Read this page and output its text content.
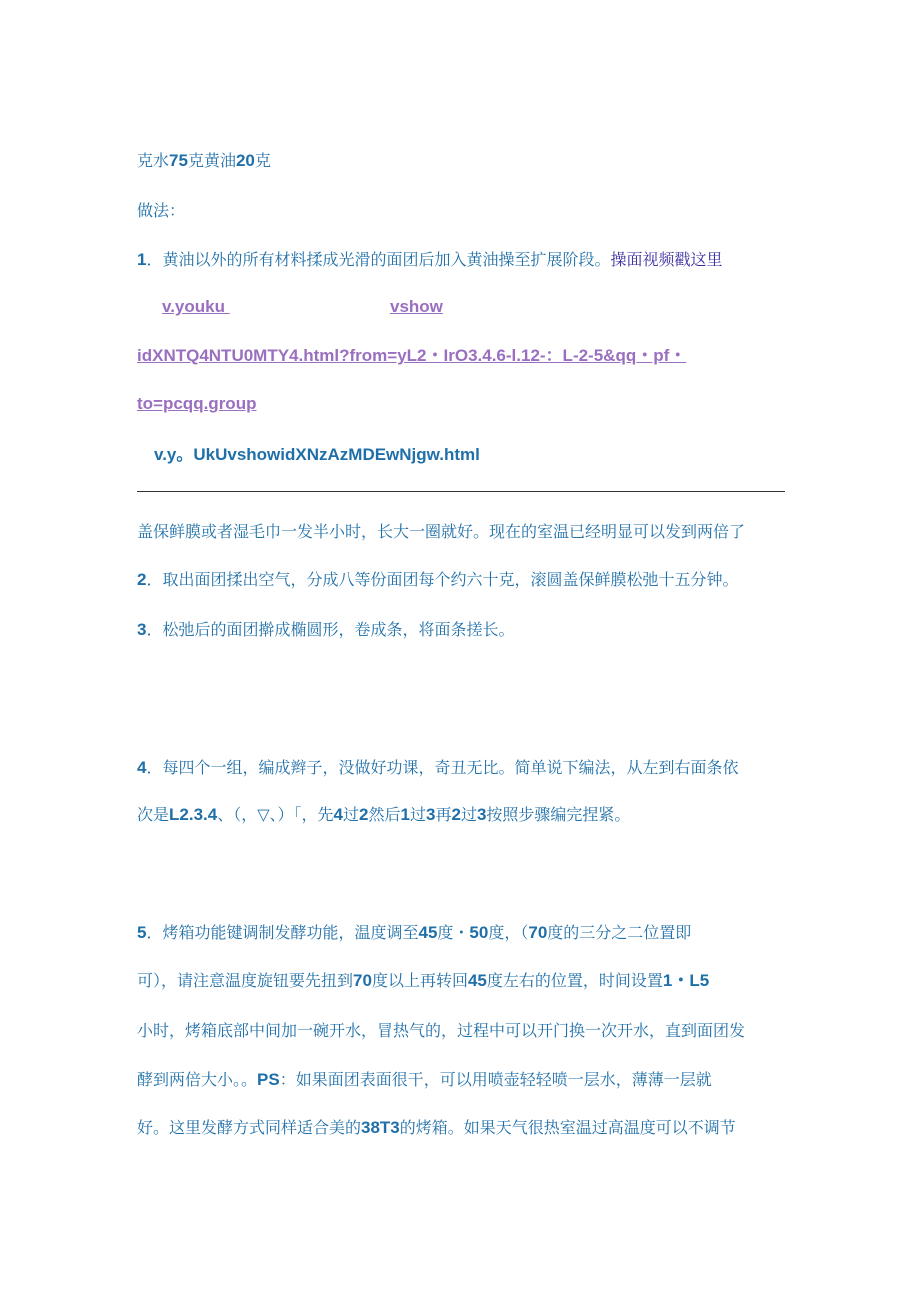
克水75克黄油20克
做法：
1．黄油以外的所有材料揉成光滑的面团后加入黄油操至扩展阶段。操面视频戳这里
v.youku	vshow
idXNTQ4NTU0MTY4.html?from=yL2・IrO3.4.6-l.12-：L-2-5&qq・pf・
to=pcqq.group
v.y。UkUvshowidXNzAzMDEwNjgw.html
盖保鲜膜或者湿毛巾一发半小时，长大一圈就好。现在的室温已经明显可以发到两倍了
2．取出面团揉出空气，分成八等份面团每个约六十克，滚圆盖保鲜膜松弛十五分钟。
3．松弛后的面团擀成椭圆形，卷成条，将面条搓长。
4．每四个一组，编成辫子，没做好功课，奇丑无比。简单说下编法，从左到右面条依
次是L2.3.4、（，▽、）「，先4过2然后1过3再2过3按照步骤编完捏紧。
5．烤箱功能键调制发酵功能，温度调至45度・50度，（70度的三分之二位置即
可），请注意温度旋钮要先扭到70度以上再转回45度左右的位置，时间设置1・L5
小时，烤箱底部中间加一碗开水，冒热气的，过程中可以开门换一次开水，直到面团发
酵到两倍大小。。PS：如果面团表面很干，可以用喷壶轻轻喷一层水，薄薄一层就
好。这里发酵方式同样适合美的38T3的烤箱。如果天气很热室温过高温度可以不调节
